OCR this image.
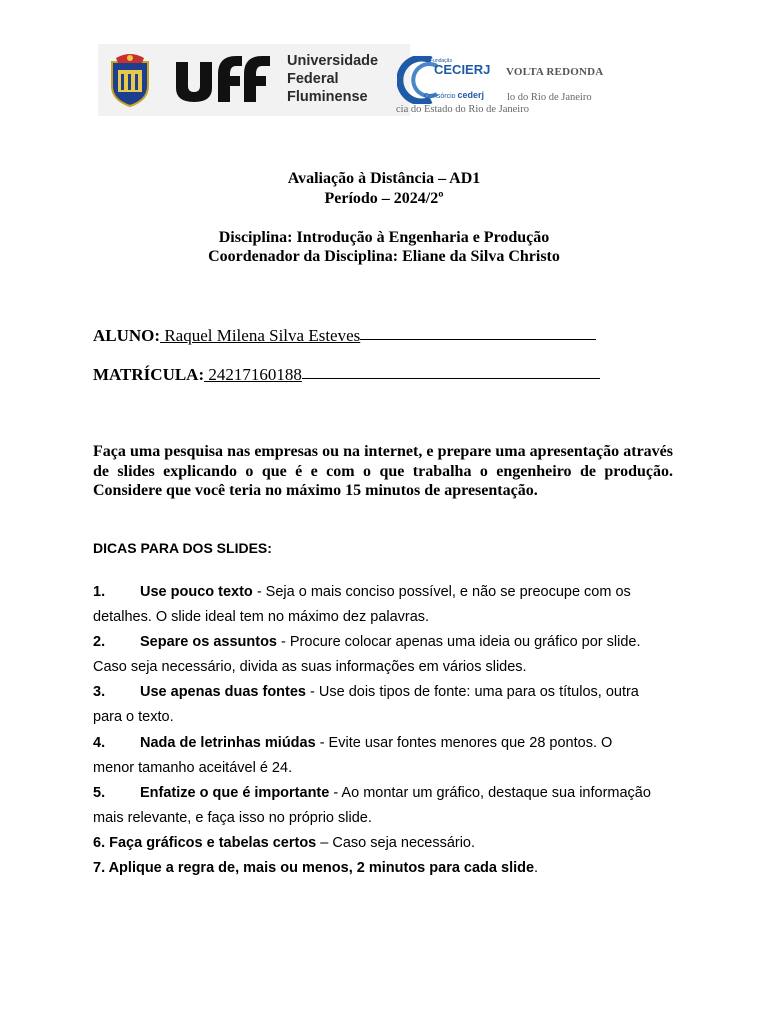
Universidade
Federal
Fluminense
Fundação
CECIERJ
Consórcio cederj
VOLTA REDONDA
lo do Rio de Janeiro
cia do Estado do Rio de Janeiro
Avaliação à Distância – AD1
Período – 2024/2º
Disciplina: Introdução à Engenharia e Produção
Coordenador da Disciplina: Eliane da Silva Christo
ALUNO: Raquel Milena Silva Esteves
MATRÍCULA: 24217160188
Faça uma pesquisa nas empresas ou na internet, e prepare uma apresentação através de slides explicando o que é e com o que trabalha o engenheiro de produção. Considere que você teria no máximo 15 minutos de apresentação.
DICAS PARA DOS SLIDES:
1. Use pouco texto - Seja o mais conciso possível, e não se preocupe com os detalhes. O slide ideal tem no máximo dez palavras.
2. Separe os assuntos - Procure colocar apenas uma ideia ou gráfico por slide. Caso seja necessário, divida as suas informações em vários slides.
3. Use apenas duas fontes - Use dois tipos de fonte: uma para os títulos, outra para o texto.
4. Nada de letrinhas miúdas - Evite usar fontes menores que 28 pontos. O menor tamanho aceitável é 24.
5. Enfatize o que é importante - Ao montar um gráfico, destaque sua informação mais relevante, e faça isso no próprio slide.
6. Faça gráficos e tabelas certos – Caso seja necessário.
7. Aplique a regra de, mais ou menos, 2 minutos para cada slide.
